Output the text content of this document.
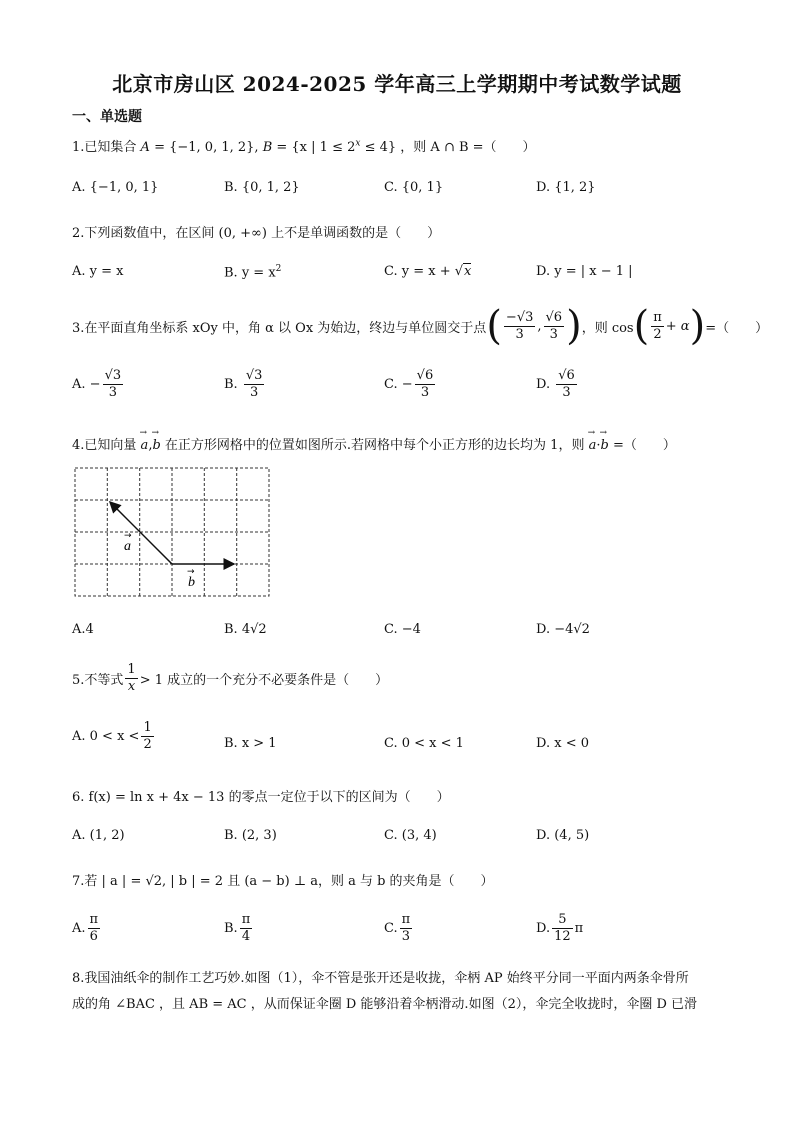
北京市房山区 2024-2025 学年高三上学期期中考试数学试题
一、单选题
1.已知集合 A = {−1, 0, 1, 2}, B = {x | $1 \le 2^x \le 4$} ，则 A ∩ B =（　　）
A. {−1, 0, 1}	B. {0, 1, 2}	C. {0, 1}	D. {1, 2}
2.下列函数值中，在区间 (0, +∞) 上不是单调函数的是（　　）
A. y = x	B. $y = x^2$	C. y = x + √x	D. y = | x − 1 |
3.在平面直角坐标系 xOy 中，角 α 以 Ox 为始边，终边与单位圆交于点 ( $\frac{-√3}{3}$ , $\frac{√6}{3}$ ) ，则 cos ( $\frac{\pi}{2} + \alpha$ ) =（　　）
A. − $\frac{√3}{3}$	B. $\frac{√3}{3}$	C. − $\frac{√6}{3}$	D. $\frac{√6}{3}$
4.已知向量 → a,→ b 在正方形网格中的位置如图所示.若网格中每个小正方形的边长均为 1，则 → a·→ b =（　　）
a
→
b
→
A.4	B. 4√2	C. −4	D. −4√2
5.不等式 $\frac{1}{x} > 1$ 成立的一个充分不必要条件是（　　）
A. $0 < x < \frac{1}{2}$	B. x > 1	C. 0 < x < 1	D. x < 0
6. f(x) = ln x + 4x − 13 的零点一定位于以下的区间为（　　）
A. (1, 2)	B. (2, 3)	C. (3, 4)	D. (4, 5)
7.若 | a | = √2, | b | = 2 且 (a − b) ⊥ a，则 a 与 b 的夹角是（　　）
A. $\frac{\pi}{6}$	B. $\frac{\pi}{4}$	C. $\frac{\pi}{3}$	D. $\frac{5}{12}$ π
8.我国油纸伞的制作工艺巧妙.如图（1），伞不管是张开还是收拢，伞柄 AP 始终平分同一平面内两条伞骨所
成的角 ∠BAC ，且 AB = AC ，从而保证伞圈 D 能够沿着伞柄滑动.如图（2），伞完全收拢时，伞圈 D 已滑
